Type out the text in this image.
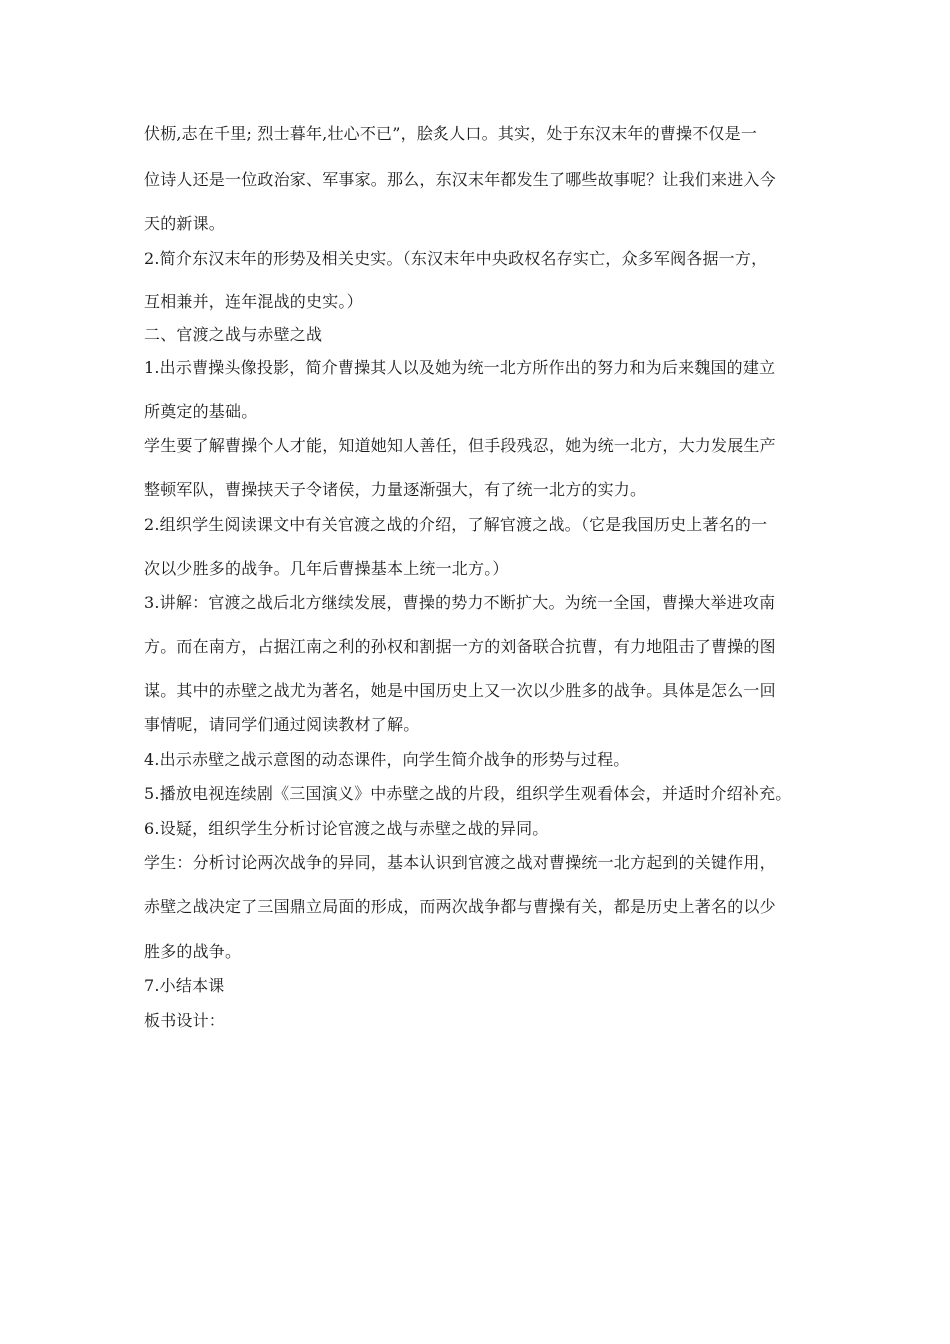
伏枥,志在千里; 烈士暮年,壮心不已”，脍炙人口。其实，处于东汉末年的曹操不仅是一
位诗人还是一位政治家、军事家。那么，东汉末年都发生了哪些故事呢？让我们来进入今
天的新课。
2.简介东汉末年的形势及相关史实。（东汉末年中央政权名存实亡，众多军阀各据一方，
互相兼并，连年混战的史实。）
二、官渡之战与赤壁之战
1.出示曹操头像投影，简介曹操其人以及她为统一北方所作出的努力和为后来魏国的建立
所奠定的基础。
学生要了解曹操个人才能，知道她知人善任，但手段残忍，她为统一北方，大力发展生产
整顿军队，曹操挟天子令诸侯，力量逐渐强大，有了统一北方的实力。
2.组织学生阅读课文中有关官渡之战的介绍，了解官渡之战。（它是我国历史上著名的一
次以少胜多的战争。几年后曹操基本上统一北方。）
3.讲解：官渡之战后北方继续发展，曹操的势力不断扩大。为统一全国，曹操大举进攻南
方。而在南方，占据江南之利的孙权和割据一方的刘备联合抗曹，有力地阻击了曹操的图
谋。其中的赤壁之战尤为著名，她是中国历史上又一次以少胜多的战争。具体是怎么一回
事情呢，请同学们通过阅读教材了解。
4.出示赤壁之战示意图的动态课件，向学生简介战争的形势与过程。
5.播放电视连续剧《三国演义》中赤壁之战的片段，组织学生观看体会，并适时介绍补充。
6.设疑，组织学生分析讨论官渡之战与赤壁之战的异同。
学生：分析讨论两次战争的异同，基本认识到官渡之战对曹操统一北方起到的关键作用，
赤壁之战决定了三国鼎立局面的形成，而两次战争都与曹操有关，都是历史上著名的以少
胜多的战争。
7.小结本课
板书设计：
